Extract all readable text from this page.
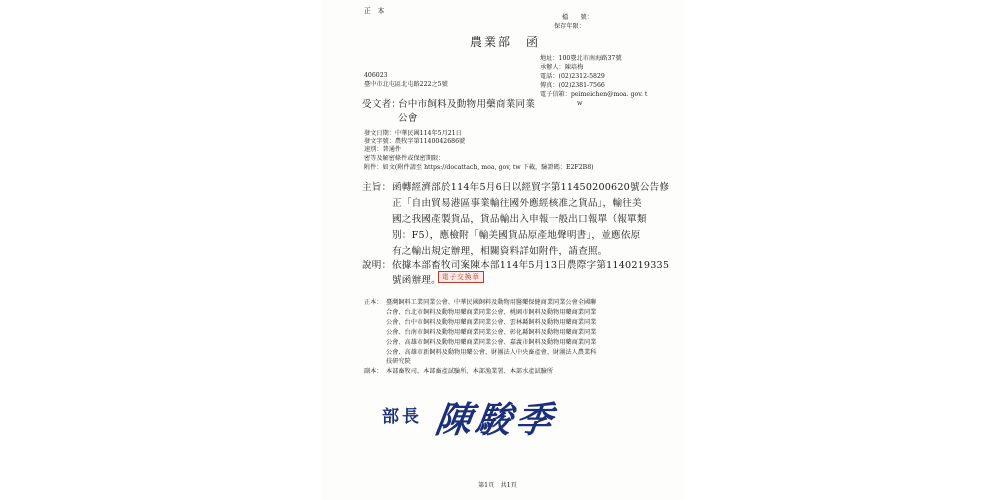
正　本
檔　　號：
保存年限：
農業部　函
地址：100臺北市南海路37號
承辦人：陳培梅
電話：(02)2312-5829
傳真：(02)2381-7566
電子信箱：peimeichen@moa. gov. t
w
406023
臺中市北屯區北屯路222之5號
受文者：
台中市飼料及動物用藥商業同業
公會
發文日期：中華民國114年5月21日
發文字號：農牧字第1140042686號
速別：普通件
密等及解密條件或保密期限：
附件：如文(附件請至 https://docattach, moa, gov, tw 下載，驗證碼：E2F2B8)
主旨： 函轉經濟部於114年5月6日以經貿字第11450200620號公告修
正「自由貿易港區事業輸往國外應經核准之貨品」，輸往美
國之我國產製貨品，貨品輸出入申報一般出口報單（報單類
別：F5），應檢附「輸美國貨品原產地聲明書」，並應依原
有之輸出規定辦理，相關資料詳如附件，請查照。
說明： 依據本部畜牧司案陳本部114年5月13日農際字第1140219335
號函辦理。 電子交換章
正本： 臺灣飼料工業同業公會、中華民國飼料及動物用醫藥保健商業同業公會全國聯
合會、台北市飼料及動物用藥商業同業公會、桃園市飼料及動物用藥商業同業
公會、台中市飼料及動物用藥商業同業公會、雲林縣飼料及動物用藥商業同業
公會、台南市飼料及動物用藥商業同業公會、彰化縣飼料及動物用藥商業同業
公會、高雄市飼料及動物用藥商業同業公會、嘉義市飼料及動物用藥商業同業
公會、高雄市新飼料及動物用藥公會、財團法人中央畜產會、財團法人農業科
技研究院
副本： 本部畜牧司、本部畜產試驗所、本部漁業署、本部水產試驗所
部長 陳駿季
第1頁　共1頁
